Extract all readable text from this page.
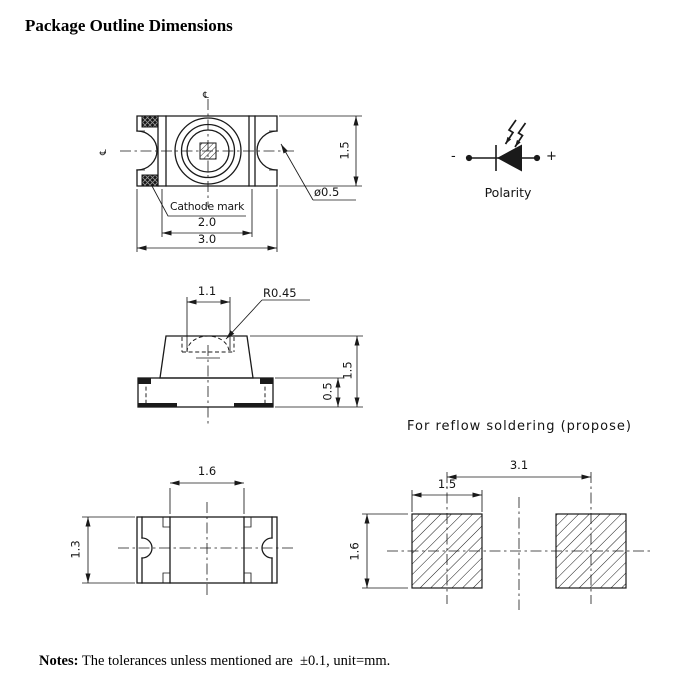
℄
℄
Package Outline Dimensions
Cathode mark
2.0
3.0
1.5
ø0.5
-	+
Polarity
1.1	R0.45
1.5
0.5
1.6
1.3
For reflow soldering (propose)
3.1
1.5
1.6
Notes: The tolerances unless mentioned are  ±0.1, unit=mm.
